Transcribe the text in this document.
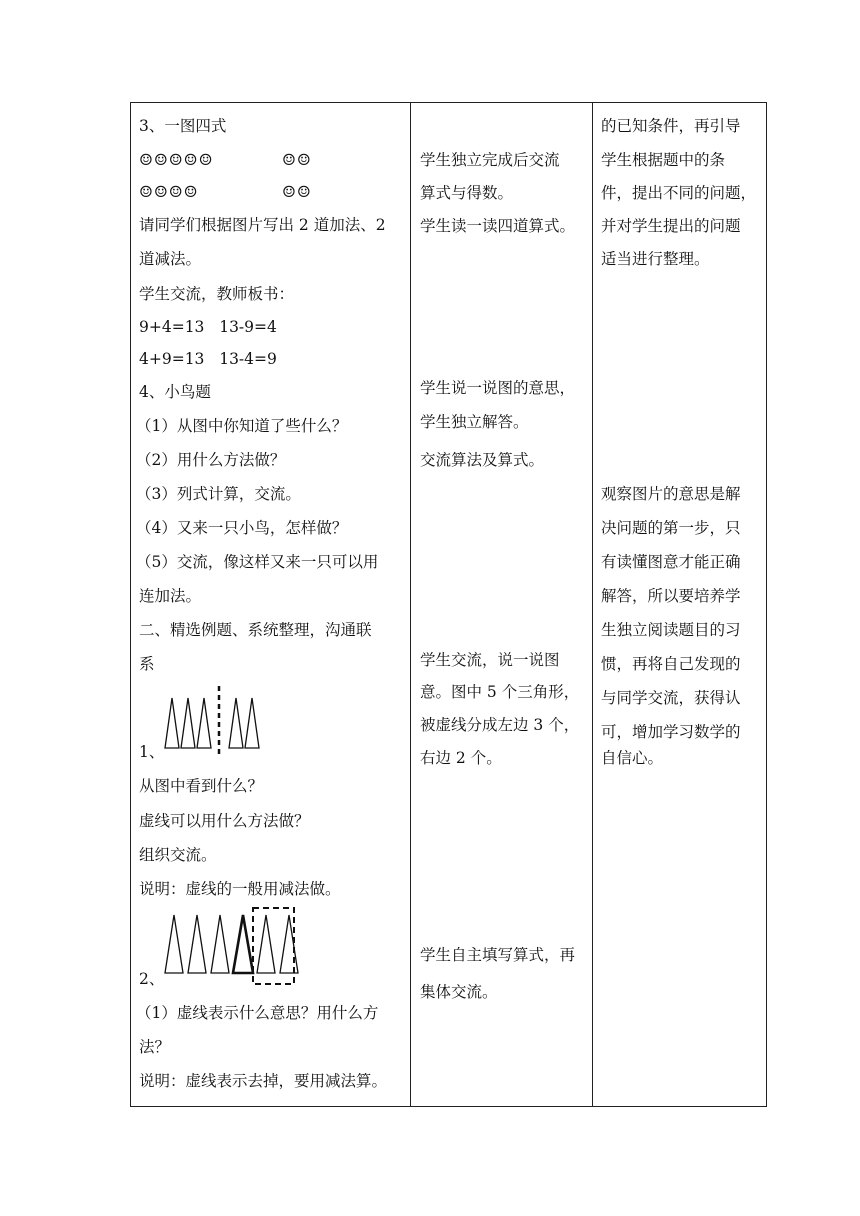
3、一图四式
☺☺☺☺☺	☺☺
☺☺☺☺	☺☺
请同学们根据图片写出 2 道加法、2
道减法。
学生交流，教师板书：
9+4=13   13-9=4
4+9=13   13-4=9
4、小鸟题
（1）从图中你知道了些什么？
（2）用什么方法做？
（3）列式计算，交流。
（4）又来一只小鸟，怎样做？
（5）交流，像这样又来一只可以用
连加法。
二、精选例题、系统整理，沟通联
系
1、
从图中看到什么？
虚线可以用什么方法做？
组织交流。
说明：虚线的一般用减法做。
2、
（1）虚线表示什么意思？用什么方
法？
说明：虚线表示去掉，要用减法算。
学生独立完成后交流
算式与得数。
学生读一读四道算式。
学生说一说图的意思，
学生独立解答。
交流算法及算式。
学生交流，说一说图
意。图中 5 个三角形，
被虚线分成左边 3 个，
右边 2 个。
学生自主填写算式，再
集体交流。
的已知条件，再引导
学生根据题中的条
件，提出不同的问题，
并对学生提出的问题
适当进行整理。
观察图片的意思是解
决问题的第一步，只
有读懂图意才能正确
解答，所以要培养学
生独立阅读题目的习
惯，再将自己发现的
与同学交流，获得认
可，增加学习数学的
自信心。
